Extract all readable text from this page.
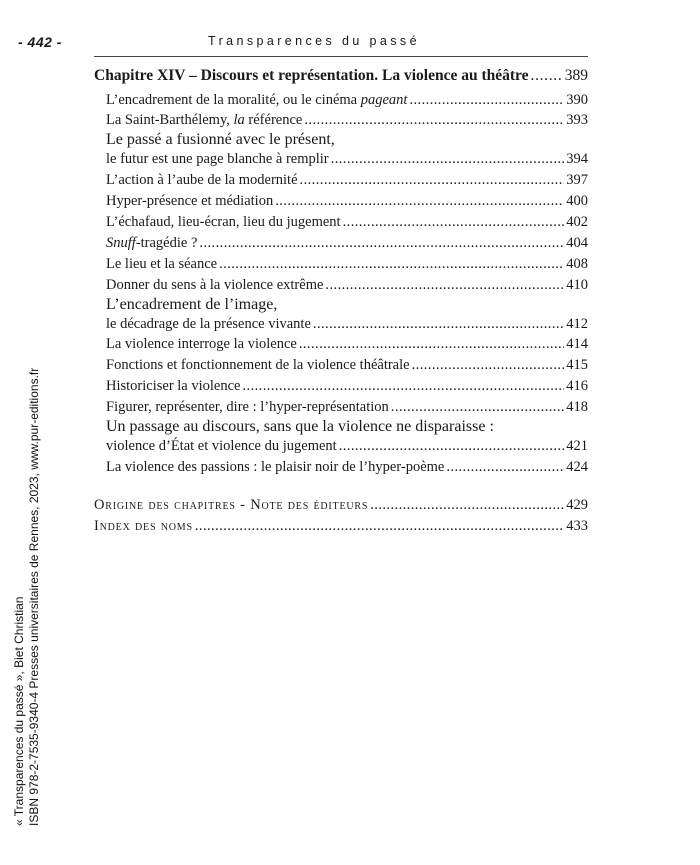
- 442 -	Transparences du passé
Chapitre XIV – Discours et représentation. La violence au théâtre . . . 389
L’encadrement de la moralité, ou le cinéma pageant . . .	390
La Saint-Barthélemy, la référence . . .	393
Le passé a fusionné avec le présent,
le futur est une page blanche à remplir . . .	394
L’action à l’aube de la modernité . . .	397
Hyper-présence et médiation . . .	400
L’échafaud, lieu-écran, lieu du jugement . . .	402
Snuff-tragédie ? . . .	404
Le lieu et la séance . . .	408
Donner du sens à la violence extrême . . .	410
L’encadrement de l’image,
le décadrage de la présence vivante . . .	412
La violence interroge la violence . . .	414
Fonctions et fonctionnement de la violence théâtrale . . .	415
Historiciser la violence . . .	416
Figurer, représenter, dire : l’hyper-représentation . . .	418
Un passage au discours, sans que la violence ne disparaisse :
violence d’État et violence du jugement . . .	421
La violence des passions : le plaisir noir de l’hyper-poème . . .	424
Origine des chapitres - Note des éditeurs . . .	429
Index des noms . . .	433
« Transparences du passé », Biet Christian ISBN 978-2-7535-9340-4 Presses universitaires de Rennes, 2023, www.pur-editions.fr
